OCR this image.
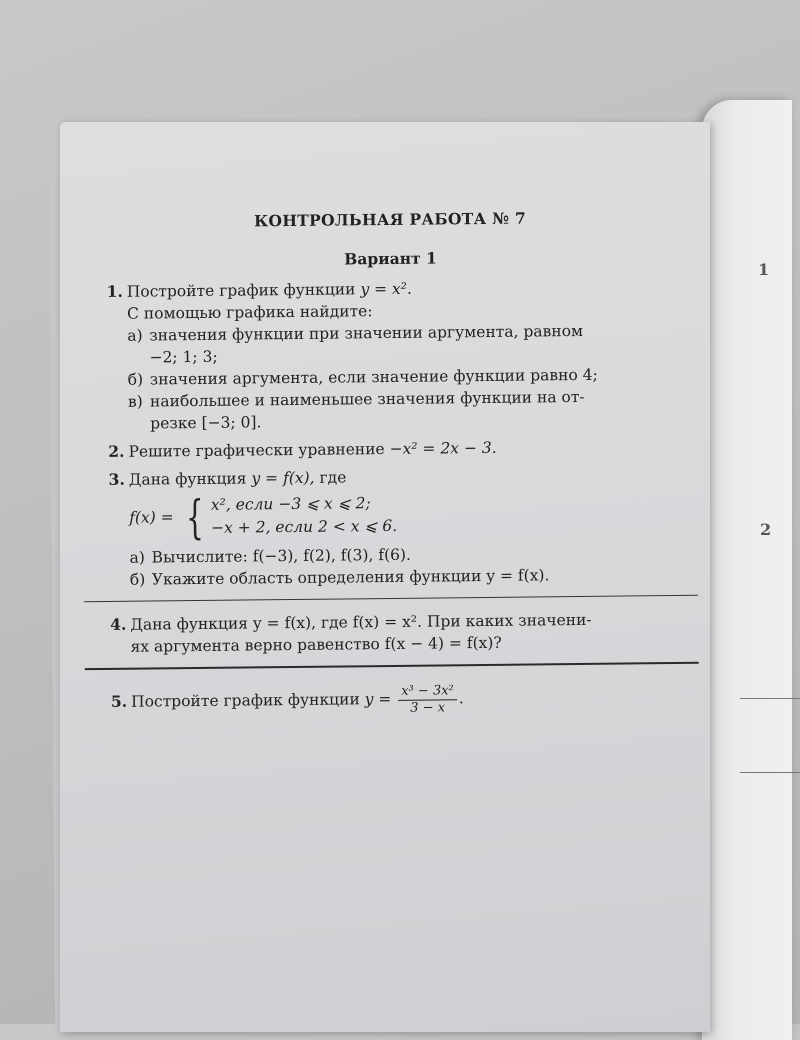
1
2
КОНТРОЛЬНАЯ РАБОТА № 7
Вариант 1
1. Постройте график функции y = x².
С помощью графика найдите:
а) значения функции при значении аргумента, равном
−2; 1; 3;
б) значения аргумента, если значение функции равно 4;
в) наибольшее и наименьшее значения функции на от-
резке [−3; 0].
2. Решите графически уравнение −x² = 2x − 3.
3. Дана функция y = f(x), где
f(x) = { x², если −3 ⩽ x ⩽ 2;
−x + 2, если 2 < x ⩽ 6.
а) Вычислите: f(−3), f(2), f(3), f(6).
б) Укажите область определения функции y = f(x).
4. Дана функция y = f(x), где f(x) = x². При каких значени-
ях аргумента верно равенство f(x − 4) = f(x)?
5. Постройте график функции $y = \frac{\text{x³ − 3x²}}{3 - x}$ .
